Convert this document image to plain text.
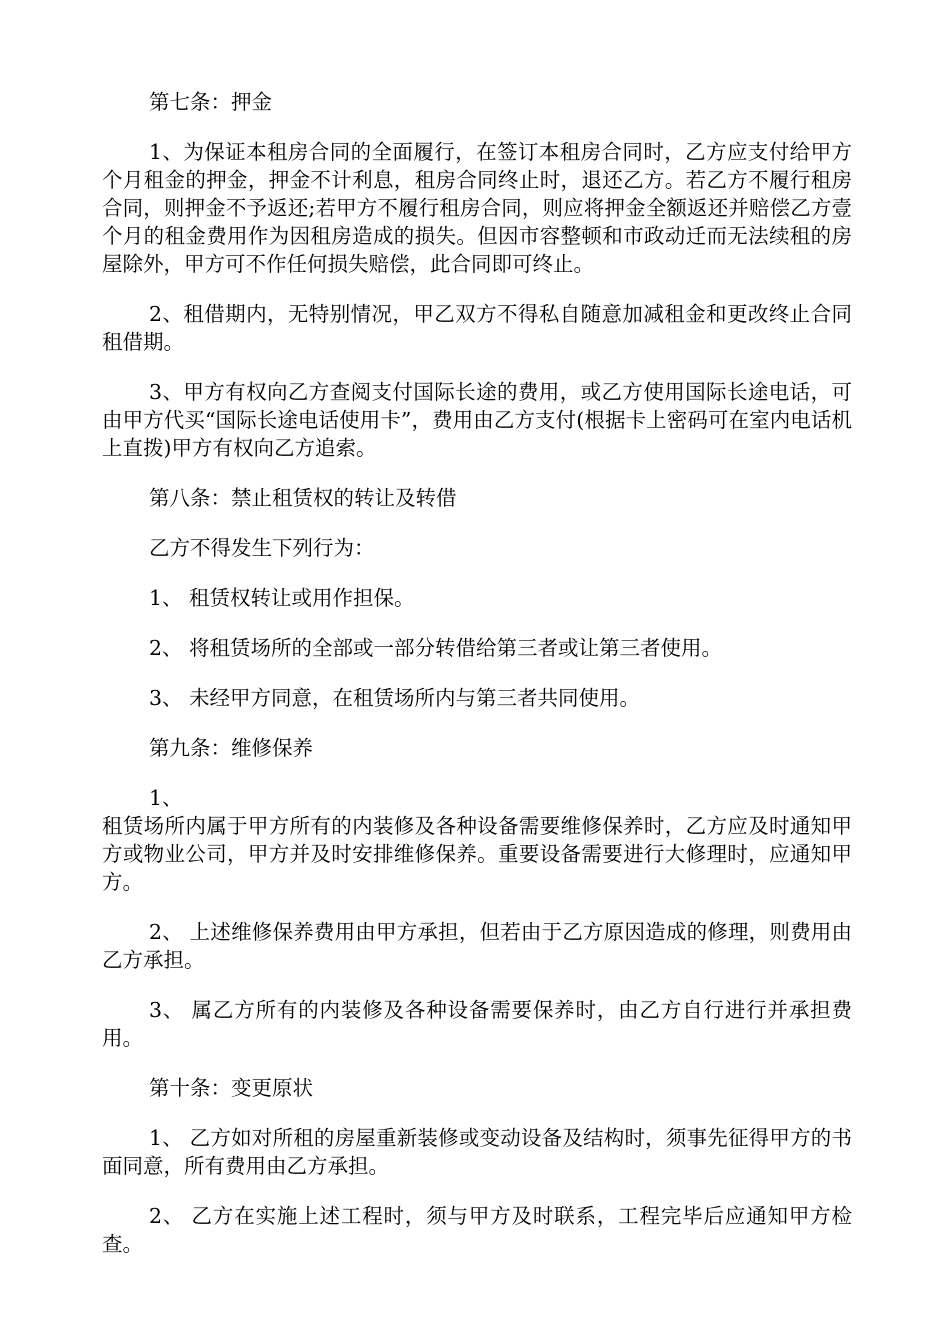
第七条：押金

1、为保证本租房合同的全面履行，在签订本租房合同时，乙方应支付给甲方个月租金的押金，押金不计利息，租房合同终止时，退还乙方。若乙方不履行租房合同，则押金不予返还;若甲方不履行租房合同，则应将押金全额返还并赔偿乙方壹个月的租金费用作为因租房造成的损失。但因市容整顿和市政动迁而无法续租的房屋除外，甲方可不作任何损失赔偿，此合同即可终止。

2、租借期内，无特别情况，甲乙双方不得私自随意加减租金和更改终止合同租借期。

3、甲方有权向乙方查阅支付国际长途的费用，或乙方使用国际长途电话，可由甲方代买“国际长途电话使用卡”，费用由乙方支付(根据卡上密码可在室内电话机上直拨)甲方有权向乙方追索。

第八条：禁止租赁权的转让及转借

乙方不得发生下列行为：

1、 租赁权转让或用作担保。

2、 将租赁场所的全部或一部分转借给第三者或让第三者使用。

3、 未经甲方同意，在租赁场所内与第三者共同使用。

第九条：维修保养

1、

租赁场所内属于甲方所有的内装修及各种设备需要维修保养时，乙方应及时通知甲方或物业公司，甲方并及时安排维修保养。重要设备需要进行大修理时，应通知甲方。

2、 上述维修保养费用由甲方承担，但若由于乙方原因造成的修理，则费用由乙方承担。

3、 属乙方所有的内装修及各种设备需要保养时，由乙方自行进行并承担费用。

第十条：变更原状

1、 乙方如对所租的房屋重新装修或变动设备及结构时，须事先征得甲方的书面同意，所有费用由乙方承担。

2、 乙方在实施上述工程时，须与甲方及时联系，工程完毕后应通知甲方检查。
